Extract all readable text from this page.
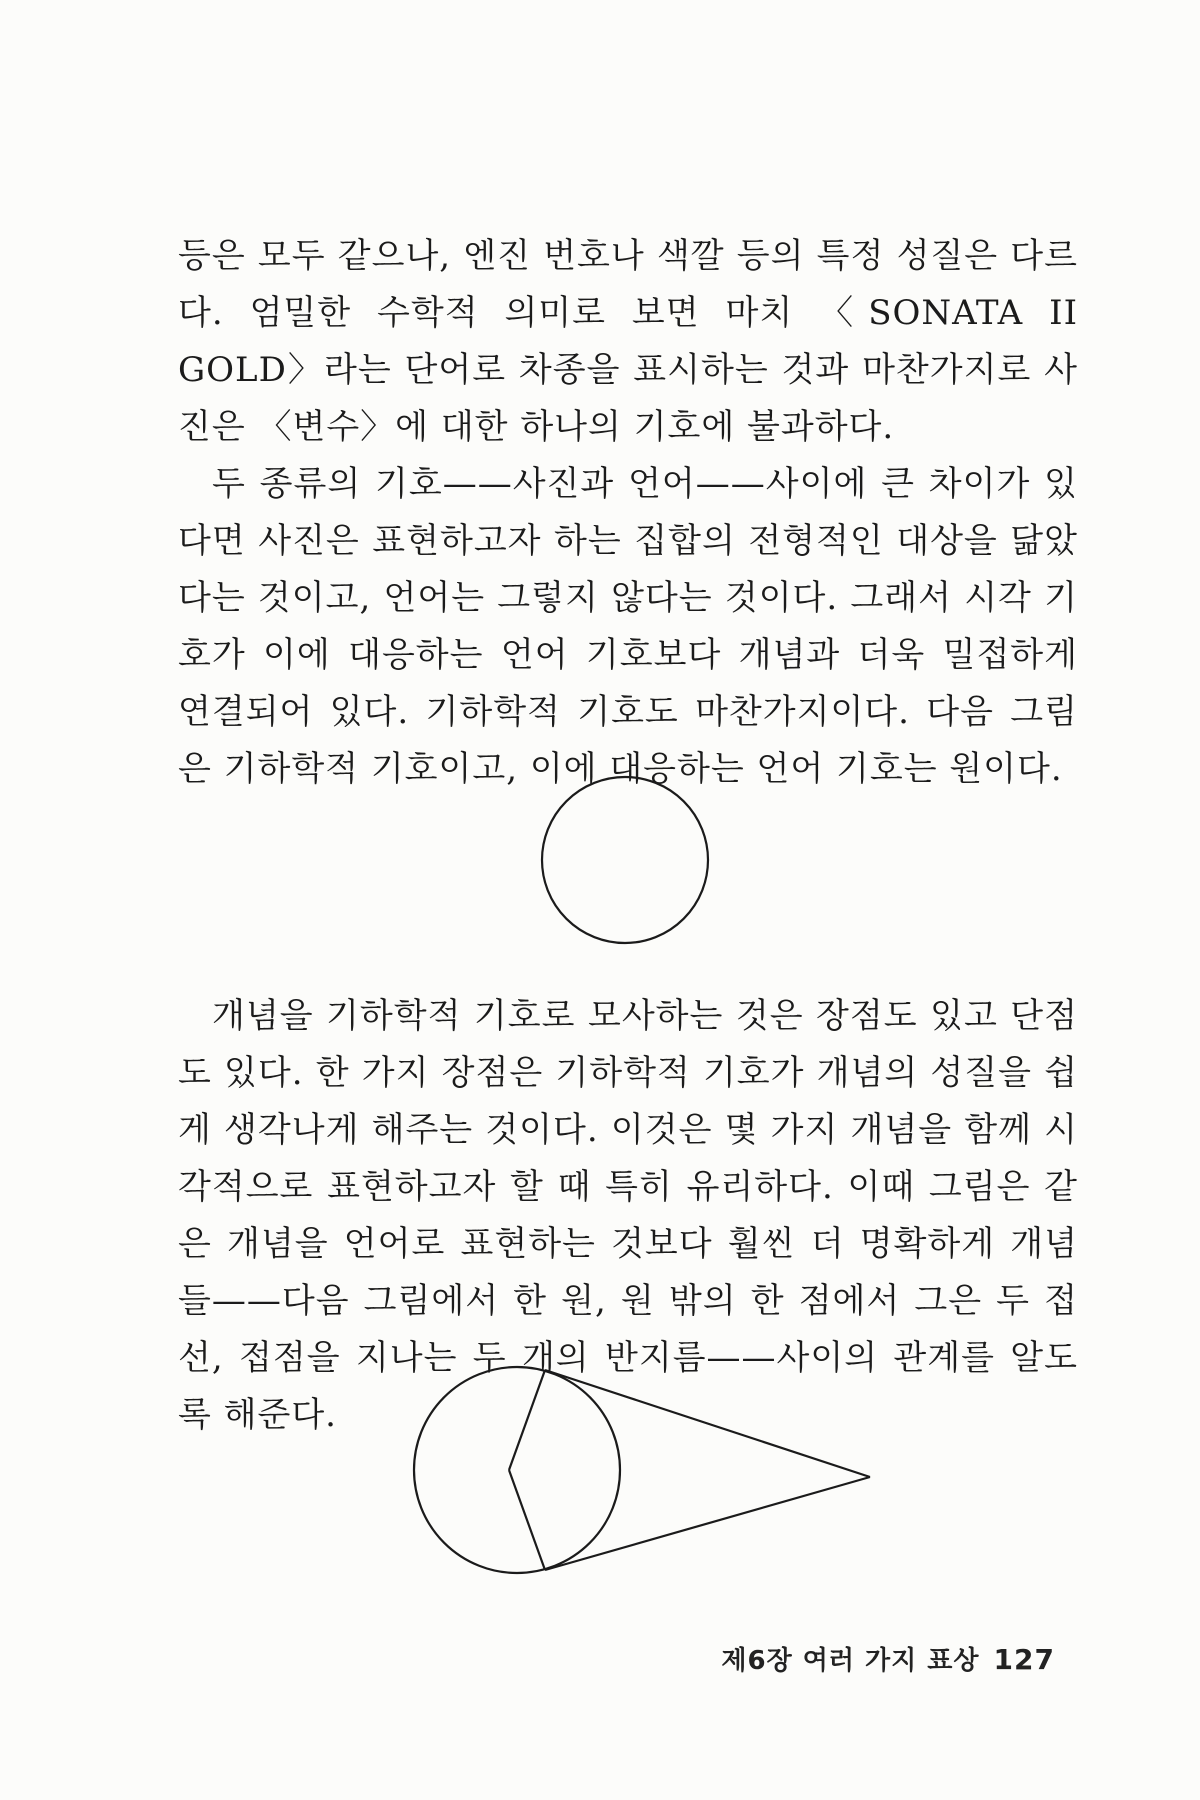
등은 모두 같으나, 엔진 번호나 색깔 등의 특정 성질은 다르다. 엄밀한 수학적 의미로 보면 마치 〈SONATA II GOLD〉라는 단어로 차종을 표시하는 것과 마찬가지로 사진은 〈변수〉에 대한 하나의 기호에 불과하다.

두 종류의 기호——사진과 언어——사이에 큰 차이가 있다면 사진은 표현하고자 하는 집합의 전형적인 대상을 닮았다는 것이고, 언어는 그렇지 않다는 것이다. 그래서 시각 기호가 이에 대응하는 언어 기호보다 개념과 더욱 밀접하게 연결되어 있다. 기하학적 기호도 마찬가지이다. 다음 그림은 기하학적 기호이고, 이에 대응하는 언어 기호는 원이다.

개념을 기하학적 기호로 모사하는 것은 장점도 있고 단점도 있다. 한 가지 장점은 기하학적 기호가 개념의 성질을 쉽게 생각나게 해주는 것이다. 이것은 몇 가지 개념을 함께 시각적으로 표현하고자 할 때 특히 유리하다. 이때 그림은 같은 개념을 언어로 표현하는 것보다 훨씬 더 명확하게 개념들——다음 그림에서 한 원, 원 밖의 한 점에서 그은 두 접선, 접점을 지나는 두 개의 반지름——사이의 관계를 알도록 해준다.

제6장 여러 가지 표상 127
